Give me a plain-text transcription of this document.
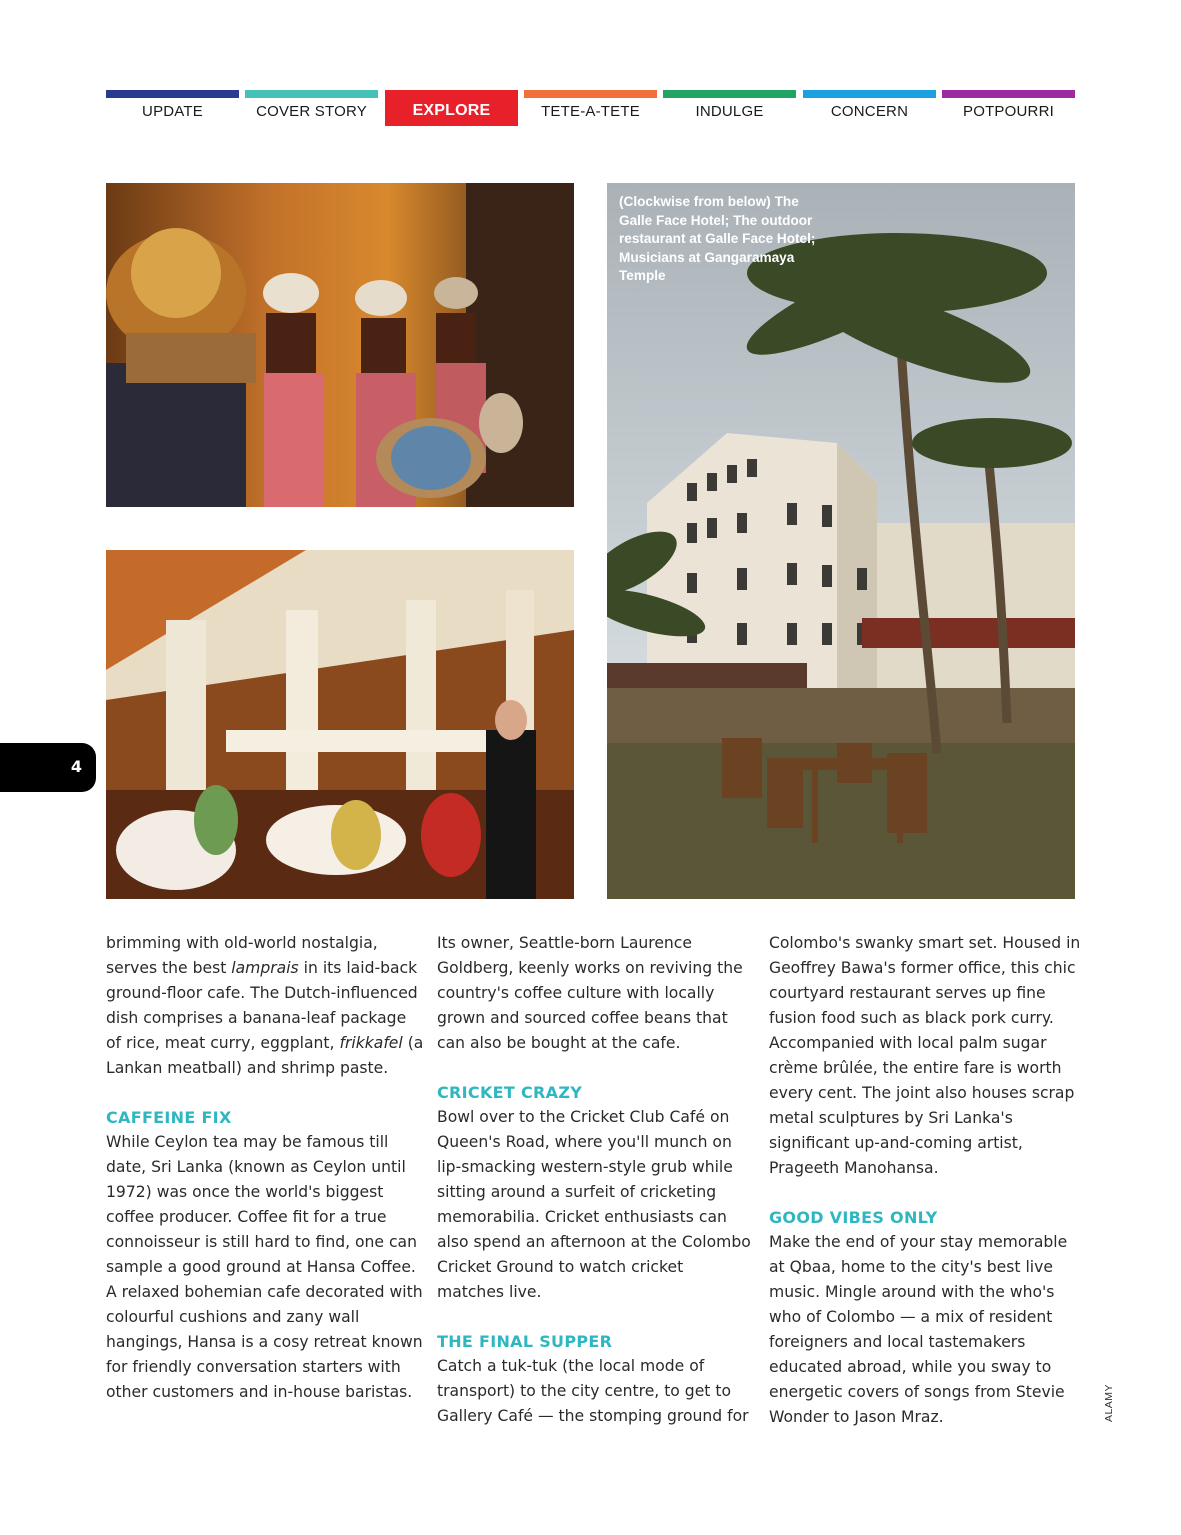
UPDATE	COVER STORY	EXPLORE	TETE-A-TETE	INDULGE	CONCERN	POTPOURRI
(Clockwise from below) The Galle Face Hotel; The outdoor restaurant at Galle Face Hotel; Musicians at Gangaramaya Temple
4

brimming with old-world nostalgia, serves the best lamprais in its laid-back ground-floor cafe. The Dutch-influenced dish comprises a banana-leaf package of rice, meat curry, eggplant, frikkafel (a Lankan meatball) and shrimp paste.

CAFFEINE FIX

While Ceylon tea may be famous till date, Sri Lanka (known as Ceylon until 1972) was once the world's biggest coffee producer. Coffee fit for a true connoisseur is still hard to find, one can sample a good ground at Hansa Coffee. A relaxed bohemian cafe decorated with colourful cushions and zany wall hangings, Hansa is a cosy retreat known for friendly conversation starters with other customers and in-house baristas.

Its owner, Seattle-born Laurence Goldberg, keenly works on reviving the country's coffee culture with locally grown and sourced coffee beans that can also be bought at the cafe.

CRICKET CRAZY

Bowl over to the Cricket Club Café on Queen's Road, where you'll munch on lip-smacking western-style grub while sitting around a surfeit of cricketing memorabilia. Cricket enthusiasts can also spend an afternoon at the Colombo Cricket Ground to watch cricket matches live.

THE FINAL SUPPER

Catch a tuk-tuk (the local mode of transport) to the city centre, to get to Gallery Café — the stomping ground for

Colombo's swanky smart set. Housed in Geoffrey Bawa's former office, this chic courtyard restaurant serves up fine fusion food such as black pork curry. Accompanied with local palm sugar crème brûlée, the entire fare is worth every cent. The joint also houses scrap metal sculptures by Sri Lanka's significant up-and-coming artist, Prageeth Manohansa.

GOOD VIBES ONLY

Make the end of your stay memorable at Qbaa, home to the city's best live music. Mingle around with the who's who of Colombo — a mix of resident foreigners and local tastemakers educated abroad, while you sway to energetic covers of songs from Stevie Wonder to Jason Mraz.	ALAMY
